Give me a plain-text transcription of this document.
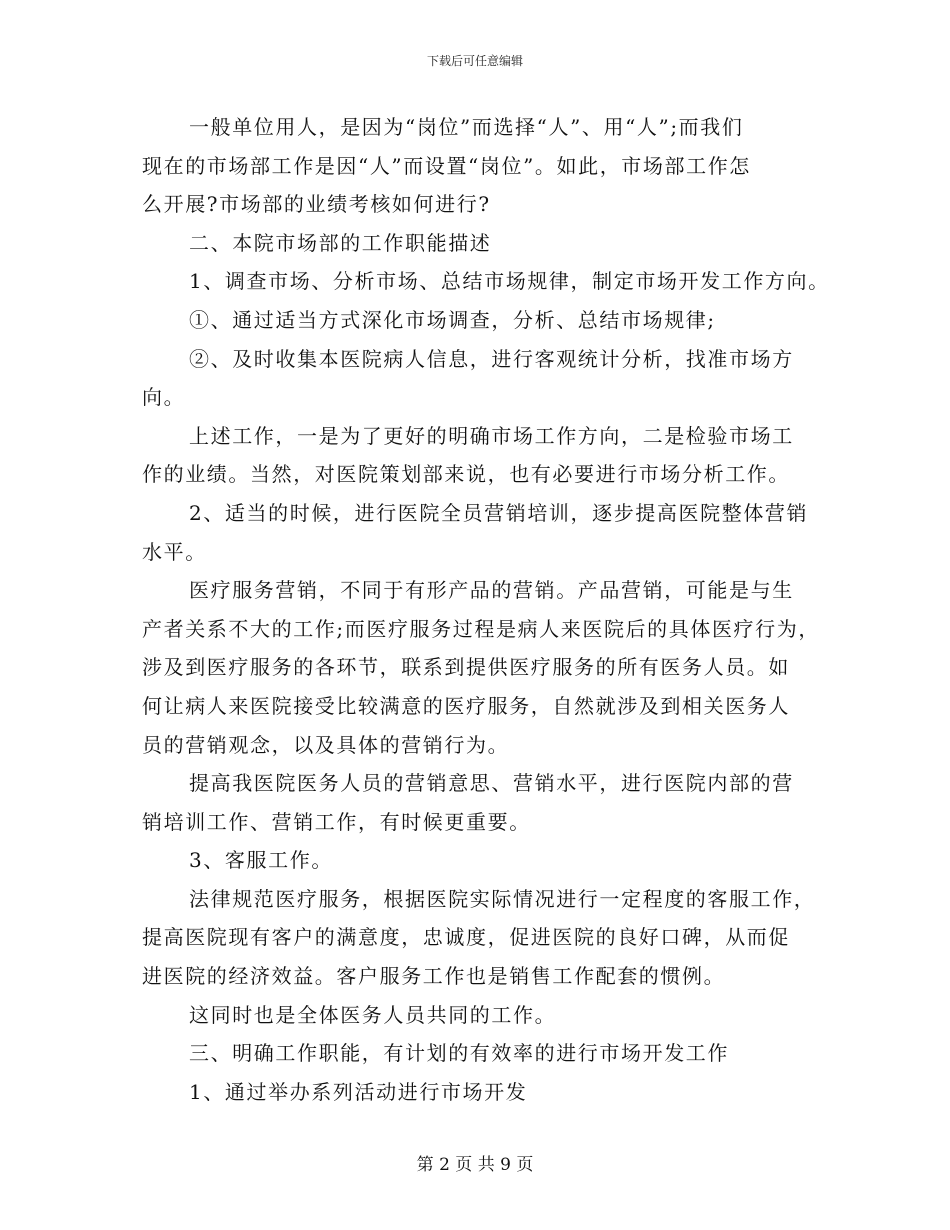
下载后可任意编辑
一般单位用人，是因为“岗位”而选择“人”、用“人”;而我们
现在的市场部工作是因“人”而设置“岗位”。如此，市场部工作怎
么开展?市场部的业绩考核如何进行?
二、本院市场部的工作职能描述
1、调查市场、分析市场、总结市场规律，制定市场开发工作方向。
①、通过适当方式深化市场调查，分析、总结市场规律;
②、及时收集本医院病人信息，进行客观统计分析，找准市场方
向。
上述工作，一是为了更好的明确市场工作方向，二是检验市场工
作的业绩。当然，对医院策划部来说，也有必要进行市场分析工作。
2、适当的时候，进行医院全员营销培训，逐步提高医院整体营销
水平。
医疗服务营销，不同于有形产品的营销。产品营销，可能是与生
产者关系不大的工作;而医疗服务过程是病人来医院后的具体医疗行为，
涉及到医疗服务的各环节，联系到提供医疗服务的所有医务人员。如
何让病人来医院接受比较满意的医疗服务，自然就涉及到相关医务人
员的营销观念，以及具体的营销行为。
提高我医院医务人员的营销意思、营销水平，进行医院内部的营
销培训工作、营销工作，有时候更重要。
3、客服工作。
法律规范医疗服务，根据医院实际情况进行一定程度的客服工作，
提高医院现有客户的满意度，忠诚度，促进医院的良好口碑，从而促
进医院的经济效益。客户服务工作也是销售工作配套的惯例。
这同时也是全体医务人员共同的工作。
三、明确工作职能，有计划的有效率的进行市场开发工作
1、通过举办系列活动进行市场开发
第 2 页 共 9 页
